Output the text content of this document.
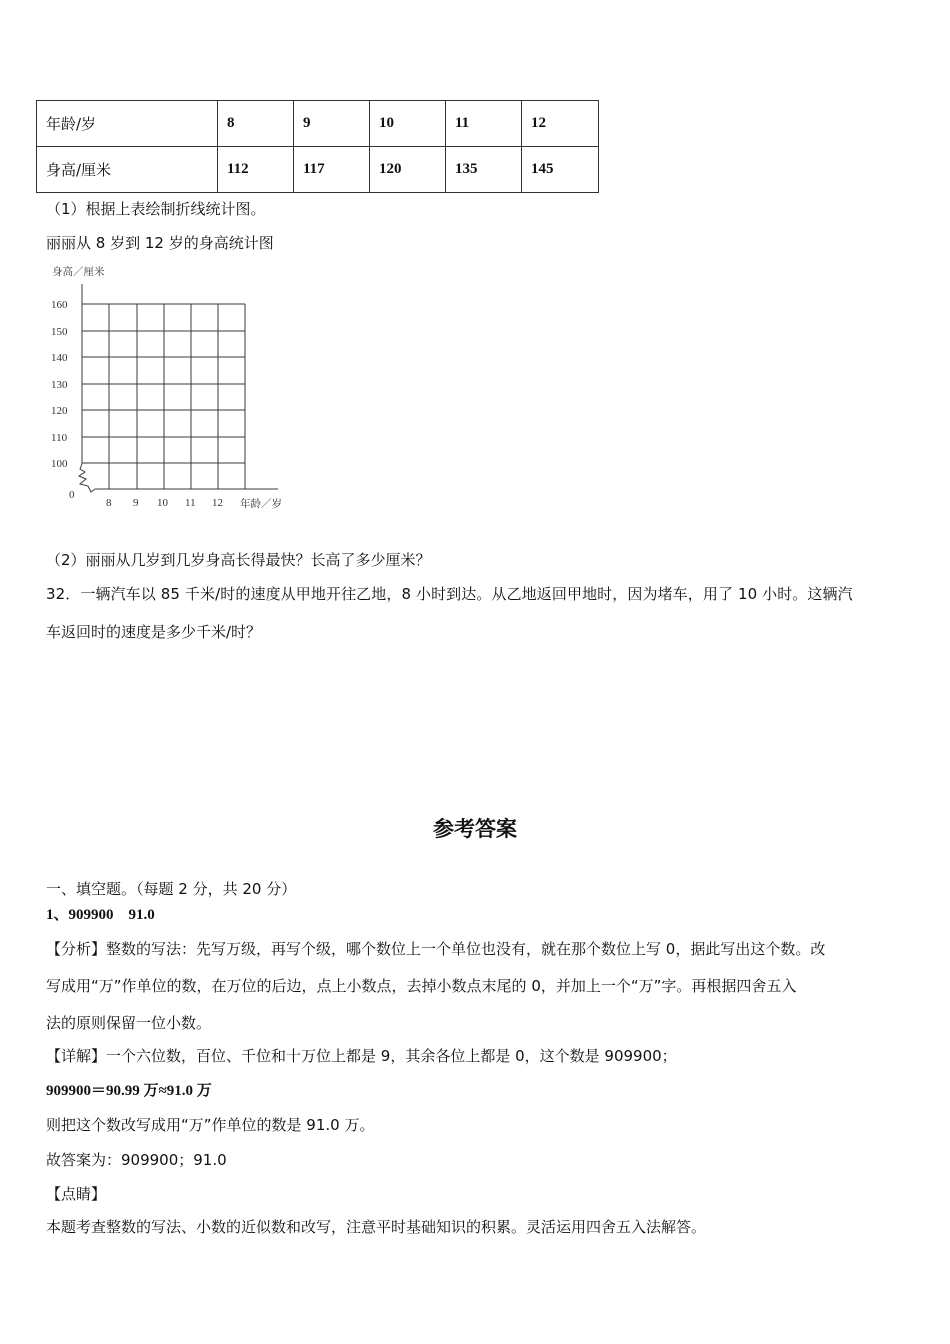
年龄/岁	8	9	10	11	12
身高/厘米	112	117	120	135	145
（1）根据上表绘制折线统计图。
丽丽从 8 岁到 12 岁的身高统计图
身高／厘米
160
150
140
130
120
110
100
0
8 9 10 11 12 年龄／岁
（2）丽丽从几岁到几岁身高长得最快？长高了多少厘米？
32．一辆汽车以 85 千米/时的速度从甲地开往乙地，8 小时到达。从乙地返回甲地时，因为堵车，用了 10 小时。这辆汽
车返回时的速度是多少千米/时？
参考答案
一、填空题。（每题 2 分，共 20 分）
1、909900　91.0
【分析】整数的写法：先写万级，再写个级，哪个数位上一个单位也没有，就在那个数位上写 0，据此写出这个数。改
写成用“万”作单位的数，在万位的后边，点上小数点，去掉小数点末尾的 0，并加上一个“万”字。再根据四舍五入
法的原则保留一位小数。
【详解】一个六位数，百位、千位和十万位上都是 9，其余各位上都是 0，这个数是 909900；
909900＝90.99 万≈91.0 万
则把这个数改写成用“万”作单位的数是 91.0 万。
故答案为：909900；91.0
【点睛】
本题考查整数的写法、小数的近似数和改写，注意平时基础知识的积累。灵活运用四舍五入法解答。
